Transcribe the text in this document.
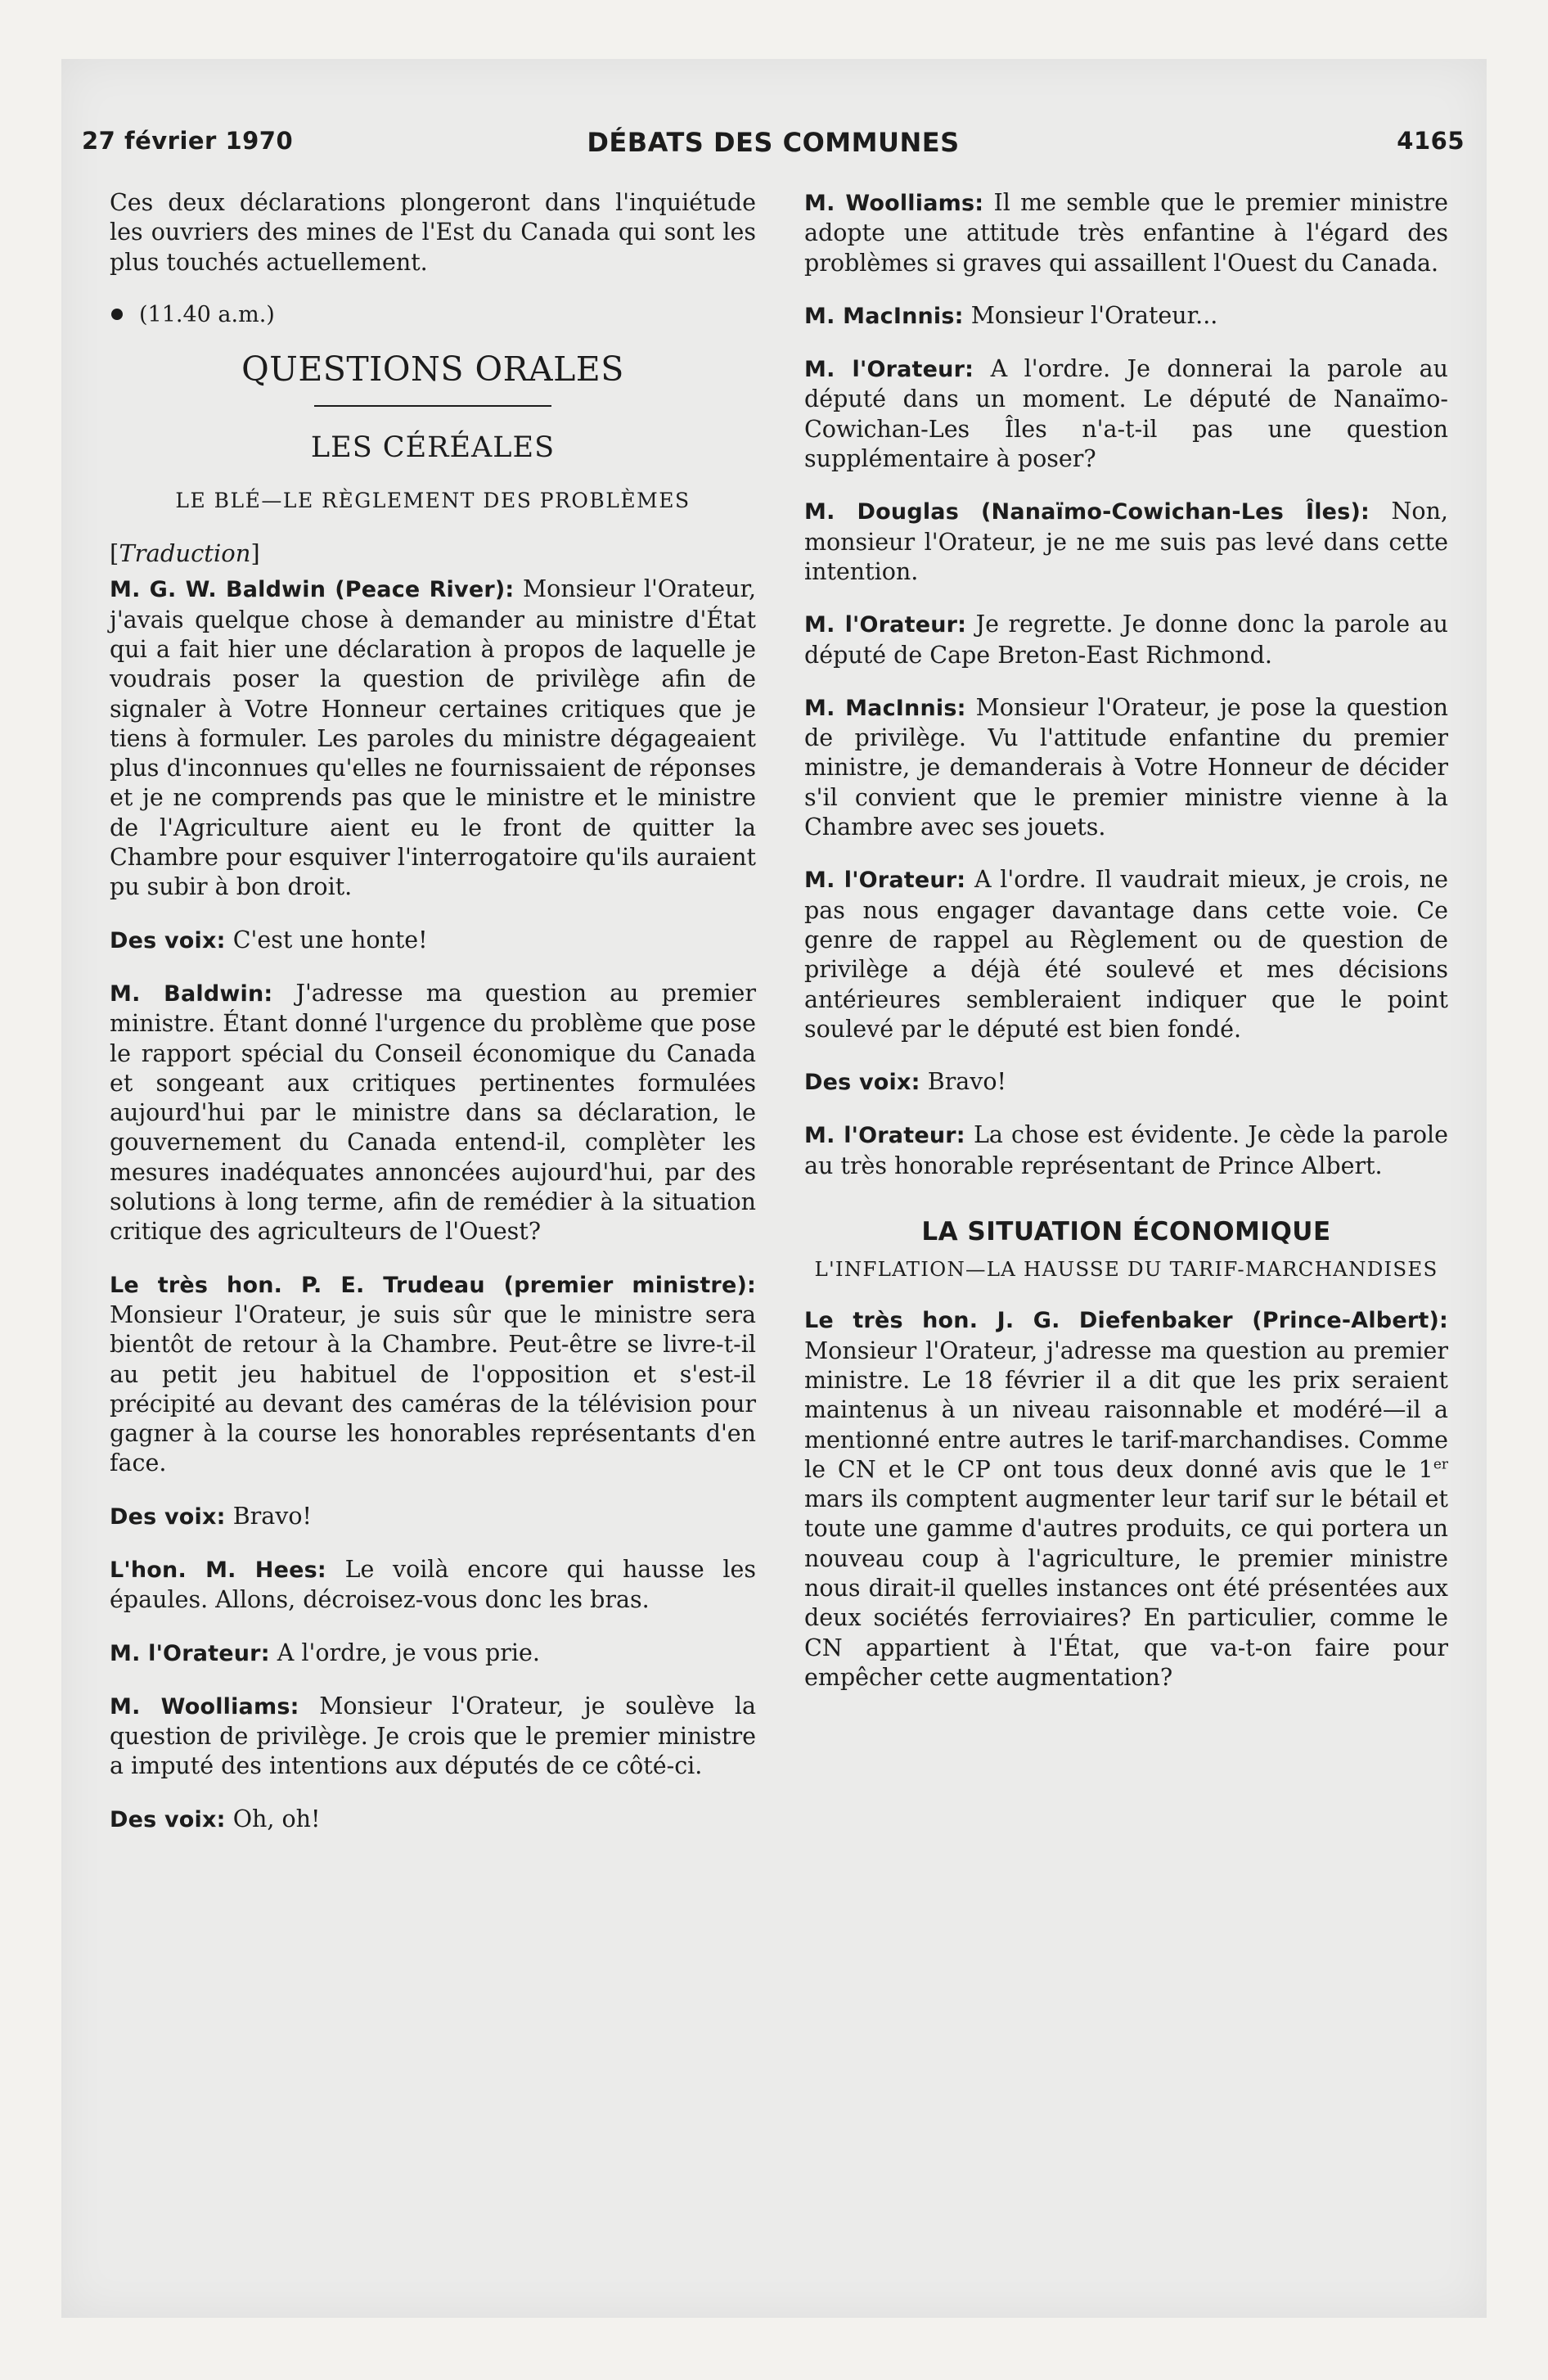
27 février 1970	DÉBATS DES COMMUNES	4165

Ces deux déclarations plongeront dans l'inquiétude les ouvriers des mines de l'Est du Canada qui sont les plus touchés actuellement.

(11.40 a.m.)
QUESTIONS ORALES
LES CÉRÉALES
LE BLÉ—LE RÈGLEMENT DES PROBLÈMES
[Traduction]

M. G. W. Baldwin (Peace River): Monsieur l'Orateur, j'avais quelque chose à demander au ministre d'État qui a fait hier une déclaration à propos de laquelle je voudrais poser la question de privilège afin de signaler à Votre Honneur certaines critiques que je tiens à formuler. Les paroles du ministre dégageaient plus d'inconnues qu'elles ne fournissaient de réponses et je ne comprends pas que le ministre et le ministre de l'Agriculture aient eu le front de quitter la Chambre pour esquiver l'interrogatoire qu'ils auraient pu subir à bon droit.

Des voix: C'est une honte!

M. Baldwin: J'adresse ma question au premier ministre. Étant donné l'urgence du problème que pose le rapport spécial du Conseil économique du Canada et songeant aux critiques pertinentes formulées aujourd'hui par le ministre dans sa déclaration, le gouvernement du Canada entend-il, complèter les mesures inadéquates annoncées aujourd'hui, par des solutions à long terme, afin de remédier à la situation critique des agriculteurs de l'Ouest?

Le très hon. P. E. Trudeau (premier ministre): Monsieur l'Orateur, je suis sûr que le ministre sera bientôt de retour à la Chambre. Peut-être se livre-t-il au petit jeu habituel de l'opposition et s'est-il précipité au devant des caméras de la télévision pour gagner à la course les honorables représentants d'en face.

Des voix: Bravo!

L'hon. M. Hees: Le voilà encore qui hausse les épaules. Allons, décroisez-vous donc les bras.

M. l'Orateur: A l'ordre, je vous prie.

M. Woolliams: Monsieur l'Orateur, je soulève la question de privilège. Je crois que le premier ministre a imputé des intentions aux députés de ce côté-ci.

Des voix: Oh, oh!

M. Woolliams: Il me semble que le premier ministre adopte une attitude très enfantine à l'égard des problèmes si graves qui assaillent l'Ouest du Canada.

M. MacInnis: Monsieur l'Orateur...

M. l'Orateur: A l'ordre. Je donnerai la parole au député dans un moment. Le député de Nanaïmo-Cowichan-Les Îles n'a-t-il pas une question supplémentaire à poser?

M. Douglas (Nanaïmo-Cowichan-Les Îles): Non, monsieur l'Orateur, je ne me suis pas levé dans cette intention.

M. l'Orateur: Je regrette. Je donne donc la parole au député de Cape Breton-East Richmond.

M. MacInnis: Monsieur l'Orateur, je pose la question de privilège. Vu l'attitude enfantine du premier ministre, je demanderais à Votre Honneur de décider s'il convient que le premier ministre vienne à la Chambre avec ses jouets.

M. l'Orateur: A l'ordre. Il vaudrait mieux, je crois, ne pas nous engager davantage dans cette voie. Ce genre de rappel au Règlement ou de question de privilège a déjà été soulevé et mes décisions antérieures sembleraient indiquer que le point soulevé par le député est bien fondé.

Des voix: Bravo!

M. l'Orateur: La chose est évidente. Je cède la parole au très honorable représentant de Prince Albert.

LA SITUATION ÉCONOMIQUE
L'INFLATION—LA HAUSSE DU TARIF-MARCHANDISES

Le très hon. J. G. Diefenbaker (Prince-Albert): Monsieur l'Orateur, j'adresse ma question au premier ministre. Le 18 février il a dit que les prix seraient maintenus à un niveau raisonnable et modéré—il a mentionné entre autres le tarif-marchandises. Comme le CN et le CP ont tous deux donné avis que le 1er mars ils comptent augmenter leur tarif sur le bétail et toute une gamme d'autres produits, ce qui portera un nouveau coup à l'agriculture, le premier ministre nous dirait-il quelles instances ont été présentées aux deux sociétés ferroviaires? En particulier, comme le CN appartient à l'État, que va-t-on faire pour empêcher cette augmentation?
